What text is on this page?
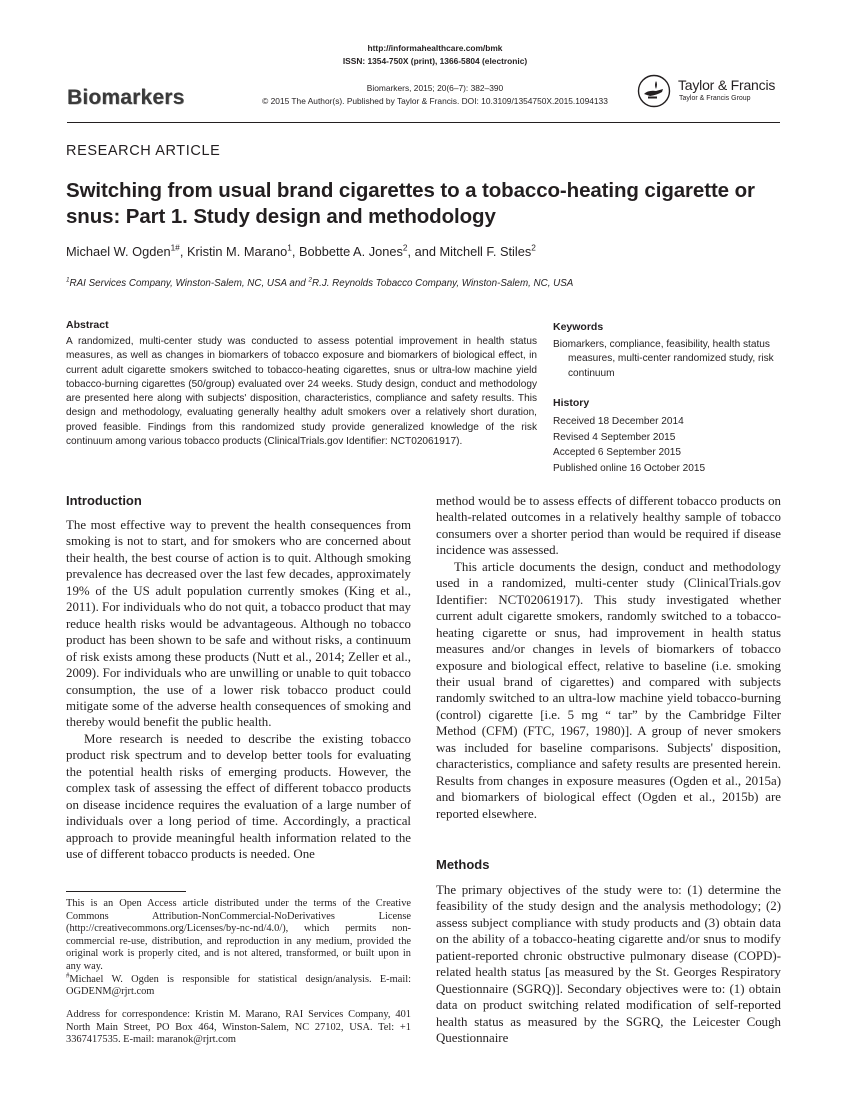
http://informahealthcare.com/bmk
ISSN: 1354-750X (print), 1366-5804 (electronic)
Biomarkers, 2015; 20(6–7): 382–390
© 2015 The Author(s). Published by Taylor & Francis. DOI: 10.3109/1354750X.2015.1094133
Biomarkers
Taylor & Francis
Taylor & Francis Group
RESEARCH ARTICLE
Switching from usual brand cigarettes to a tobacco-heating cigarette or snus: Part 1. Study design and methodology
Michael W. Ogden$^{1\#}$, Kristin M. Marano$^1$, Bobbette A. Jones$^2$, and Mitchell F. Stiles$^2$
$^1$RAI Services Company, Winston-Salem, NC, USA and $^2$R.J. Reynolds Tobacco Company, Winston-Salem, NC, USA
Abstract
A randomized, multi-center study was conducted to assess potential improvement in health status measures, as well as changes in biomarkers of tobacco exposure and biomarkers of biological effect, in current adult cigarette smokers switched to tobacco-heating cigarettes, snus or ultra-low machine yield tobacco-burning cigarettes (50/group) evaluated over 24 weeks. Study design, conduct and methodology are presented here along with subjects' disposition, characteristics, compliance and safety results. This design and methodology, evaluating generally healthy adult smokers over a relatively short duration, proved feasible. Findings from this randomized study provide generalized knowledge of the risk continuum among various tobacco products (ClinicalTrials.gov Identifier: NCT02061917).
Keywords
Biomarkers, compliance, feasibility, health status measures, multi-center randomized study, risk continuum
History
Received 18 December 2014
Revised 4 September 2015
Accepted 6 September 2015
Published online 16 October 2015
Introduction

The most effective way to prevent the health consequences from smoking is not to start, and for smokers who are concerned about their health, the best course of action is to quit. Although smoking prevalence has decreased over the last few decades, approximately 19% of the US adult population currently smokes (King et al., 2011). For individuals who do not quit, a tobacco product that may reduce health risks would be advantageous. Although no tobacco product has been shown to be safe and without risks, a continuum of risk exists among these products (Nutt et al., 2014; Zeller et al., 2009). For individuals who are unwilling or unable to quit tobacco consumption, the use of a lower risk tobacco product could mitigate some of the adverse health consequences of smoking and thereby would benefit the public health.

More research is needed to describe the existing tobacco product risk spectrum and to develop better tools for evaluating the potential health risks of emerging products. However, the complex task of assessing the effect of different tobacco products on disease incidence requires the evaluation of a large number of individuals over a long period of time. Accordingly, a practical approach to provide meaningful health information related to the use of different tobacco products is needed. One

This is an Open Access article distributed under the terms of the Creative Commons Attribution-NonCommercial-NoDerivatives License (http://creativecommons.org/Licenses/by-nc-nd/4.0/), which permits non-commercial re-use, distribution, and reproduction in any medium, provided the original work is properly cited, and is not altered, transformed, or built upon in any way.

#Michael W. Ogden is responsible for statistical design/analysis. E-mail: OGDENM@rjrt.com

Address for correspondence: Kristin M. Marano, RAI Services Company, 401 North Main Street, PO Box 464, Winston-Salem, NC 27102, USA. Tel: +1 3367417535. E-mail: maranok@rjrt.com

method would be to assess effects of different tobacco products on health-related outcomes in a relatively healthy sample of tobacco consumers over a shorter period than would be required if disease incidence was assessed.

This article documents the design, conduct and methodology used in a randomized, multi-center study (ClinicalTrials.gov Identifier: NCT02061917). This study investigated whether current adult cigarette smokers, randomly switched to a tobacco-heating cigarette or snus, had improvement in health status measures and/or changes in levels of biomarkers of tobacco exposure and biological effect, relative to baseline (i.e. smoking their usual brand of cigarettes) and compared with subjects randomly switched to an ultra-low machine yield tobacco-burning (control) cigarette [i.e. 5 mg “ tar” by the Cambridge Filter Method (CFM) (FTC, 1967, 1980)]. A group of never smokers was included for baseline comparisons. Subjects' disposition, characteristics, compliance and safety results are presented herein. Results from changes in exposure measures (Ogden et al., 2015a) and biomarkers of biological effect (Ogden et al., 2015b) are reported elsewhere.

Methods

The primary objectives of the study were to: (1) determine the feasibility of the study design and the analysis methodology; (2) assess subject compliance with study products and (3) obtain data on the ability of a tobacco-heating cigarette and/or snus to modify patient-reported chronic obstructive pulmonary disease (COPD)-related health status [as measured by the St. Georges Respiratory Questionnaire (SGRQ)]. Secondary objectives were to: (1) obtain data on product switching related modification of self-reported health status as measured by the SGRQ, the Leicester Cough Questionnaire
